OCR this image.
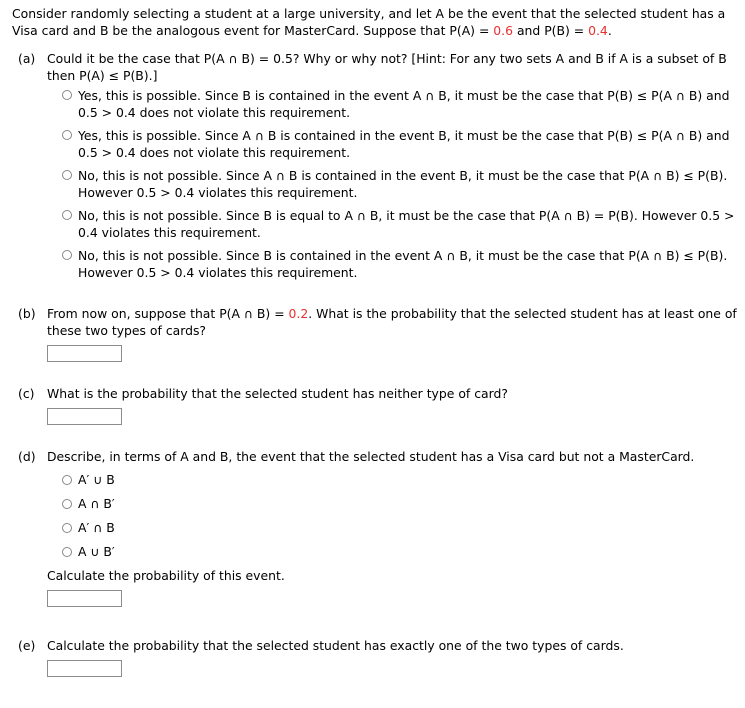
Consider randomly selecting a student at a large university, and let A be the event that the selected student has a

Visa card and B be the analogous event for MasterCard. Suppose that P(A) = 0.6 and P(B) = 0.4.

(a) Could it be the case that P(A ∩ B) = 0.5? Why or why not? [Hint: For any two sets A and B if A is a subset of B then P(A) ≤ P(B).]
Yes, this is possible. Since B is contained in the event A ∩ B, it must be the case that P(B) ≤ P(A ∩ B) and 0.5 > 0.4 does not violate this requirement.
Yes, this is possible. Since A ∩ B is contained in the event B, it must be the case that P(B) ≤ P(A ∩ B) and 0.5 > 0.4 does not violate this requirement.
No, this is not possible. Since A ∩ B is contained in the event B, it must be the case that P(A ∩ B) ≤ P(B). However 0.5 > 0.4 violates this requirement.
No, this is not possible. Since B is equal to A ∩ B, it must be the case that P(A ∩ B) = P(B). However 0.5 > 0.4 violates this requirement.
No, this is not possible. Since B is contained in the event A ∩ B, it must be the case that P(A ∩ B) ≤ P(B). However 0.5 > 0.4 violates this requirement.
(b) From now on, suppose that P(A ∩ B) = 0.2. What is the probability that the selected student has at least one of these two types of cards?
(c) What is the probability that the selected student has neither type of card?
(d) Describe, in terms of A and B, the event that the selected student has a Visa card but not a MasterCard.
A′ ∪ B
A ∩ B′
A′ ∩ B
A ∪ B′
Calculate the probability of this event.
(e) Calculate the probability that the selected student has exactly one of the two types of cards.
